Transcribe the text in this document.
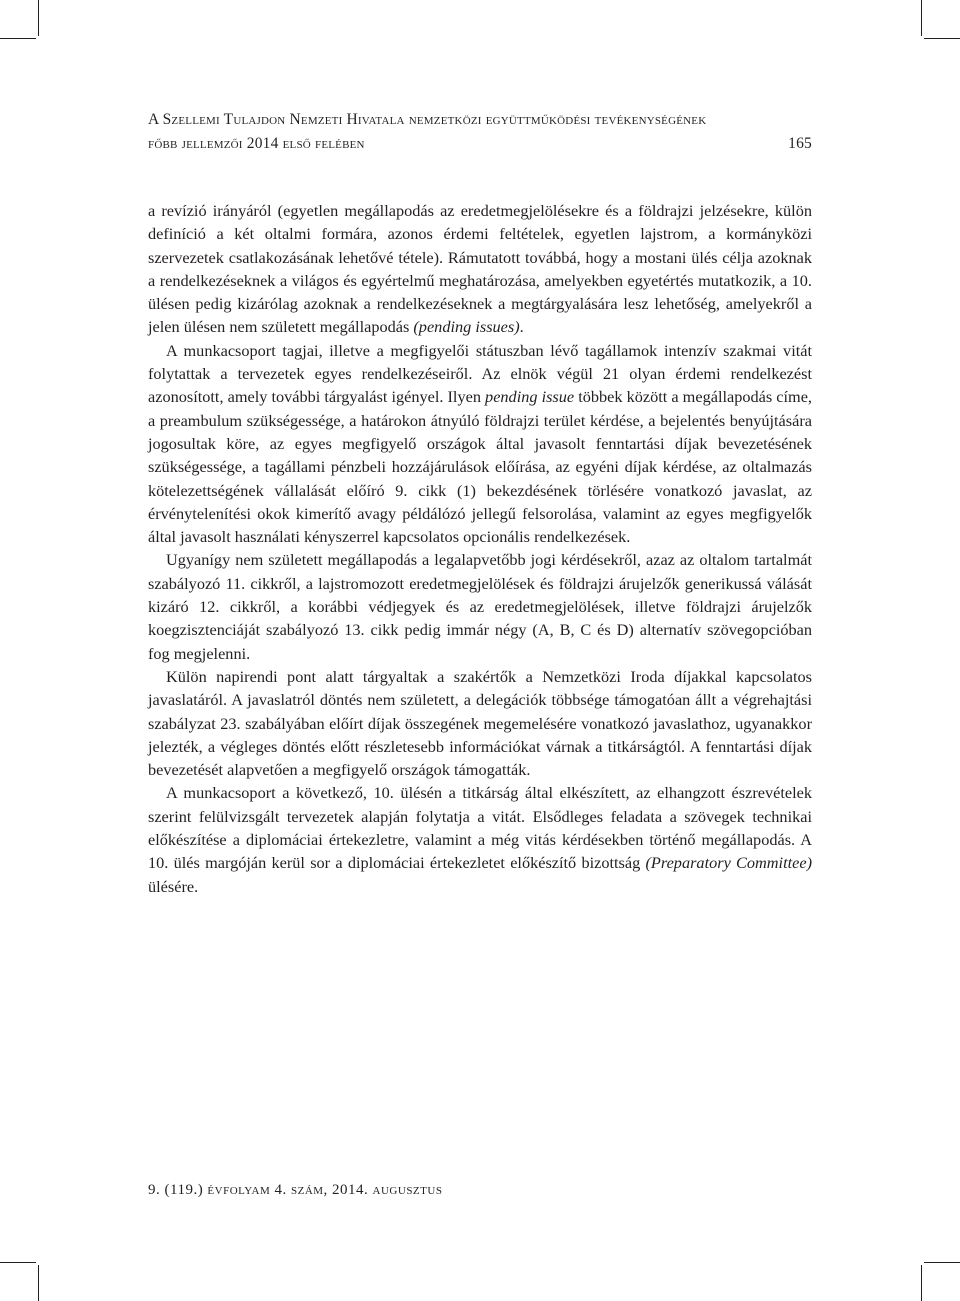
A Szellemi Tulajdon Nemzeti Hivatala nemzetközi együttműködési tevékenységének
főbb jellemzői 2014 első felében	165

a revízió irányáról (egyetlen megállapodás az eredetmegjelölésekre és a földrajzi jelzésekre, külön definíció a két oltalmi formára, azonos érdemi feltételek, egyetlen lajstrom, a kormányközi szervezetek csatlakozásának lehetővé tétele). Rámutatott továbbá, hogy a mostani ülés célja azoknak a rendelkezéseknek a világos és egyértelmű meghatározása, amelyekben egyetértés mutatkozik, a 10. ülésen pedig kizárólag azoknak a rendelkezéseknek a megtárgyalására lesz lehetőség, amelyekről a jelen ülésen nem született megállapodás (pending issues).

A munkacsoport tagjai, illetve a megfigyelői státuszban lévő tagállamok intenzív szakmai vitát folytattak a tervezetek egyes rendelkezéseiről. Az elnök végül 21 olyan érdemi rendelkezést azonosított, amely további tárgyalást igényel. Ilyen pending issue többek között a megállapodás címe, a preambulum szükségessége, a határokon átnyúló földrajzi terület kérdése, a bejelentés benyújtására jogosultak köre, az egyes megfigyelő országok által javasolt fenntartási díjak bevezetésének szükségessége, a tagállami pénzbeli hozzájárulások előírása, az egyéni díjak kérdése, az oltalmazás kötelezettségének vállalását előíró 9. cikk (1) bekezdésének törlésére vonatkozó javaslat, az érvénytelenítési okok kimerítő avagy példálózó jellegű felsorolása, valamint az egyes megfigyelők által javasolt használati kényszerrel kapcsolatos opcionális rendelkezések.

Ugyanígy nem született megállapodás a legalapvetőbb jogi kérdésekről, azaz az oltalom tartalmát szabályozó 11. cikkről, a lajstromozott eredetmegjelölések és földrajzi árujelzők generikussá válását kizáró 12. cikkről, a korábbi védjegyek és az eredetmegjelölések, illetve földrajzi árujelzők koegzisztenciáját szabályozó 13. cikk pedig immár négy (A, B, C és D) alternatív szövegopcióban fog megjelenni.

Külön napirendi pont alatt tárgyaltak a szakértők a Nemzetközi Iroda díjakkal kapcsolatos javaslatáról. A javaslatról döntés nem született, a delegációk többsége támogatóan állt a végrehajtási szabályzat 23. szabályában előírt díjak összegének megemelésére vonatkozó javaslathoz, ugyanakkor jelezték, a végleges döntés előtt részletesebb információkat várnak a titkárságtól. A fenntartási díjak bevezetését alapvetően a megfigyelő országok támogatták.

A munkacsoport a következő, 10. ülésén a titkárság által elkészített, az elhangzott észrevételek szerint felülvizsgált tervezetek alapján folytatja a vitát. Elsődleges feladata a szövegek technikai előkészítése a diplomáciai értekezletre, valamint a még vitás kérdésekben történő megállapodás. A 10. ülés margóján kerül sor a diplomáciai értekezletet előkészítő bizottság (Preparatory Committee) ülésére.

9. (119.) évfolyam 4. szám, 2014. augusztus
